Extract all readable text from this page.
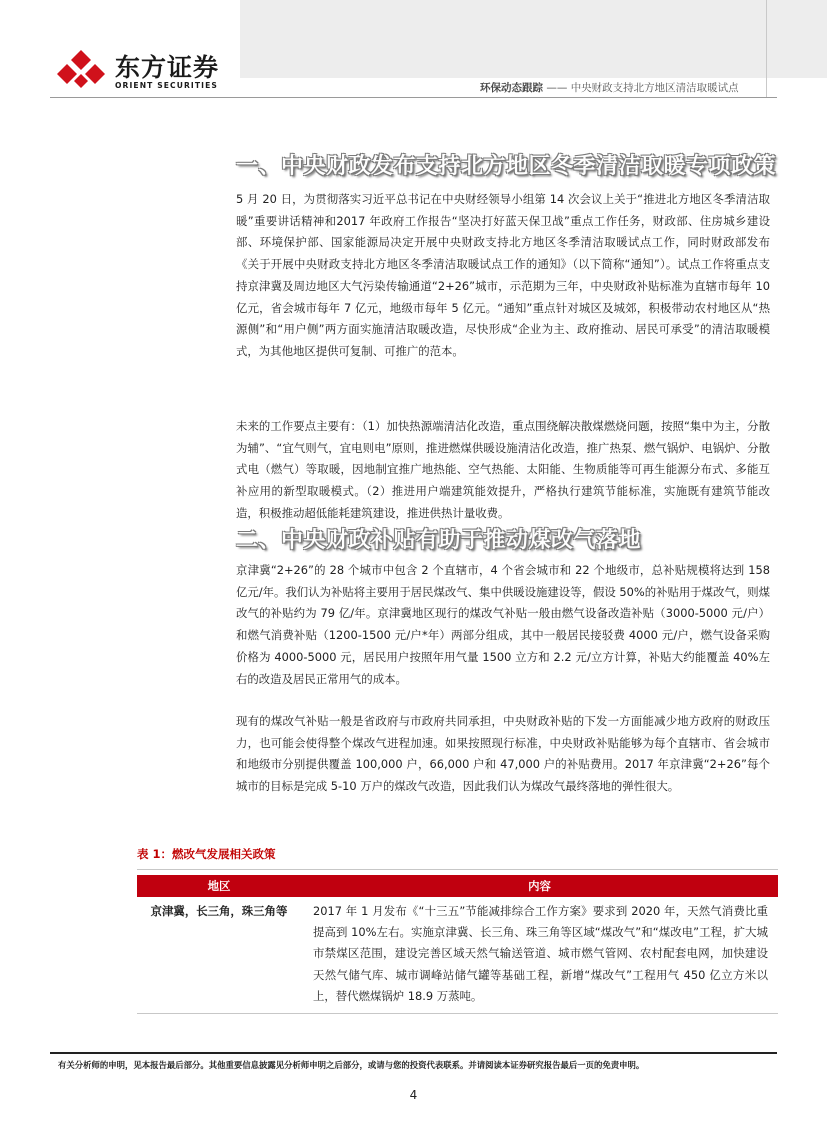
东方证券
ORIENT SECURITIES	环保动态跟踪 —— 中央财政支持北方地区清洁取暖试点
一、中央财政发布支持北方地区冬季清洁取暖专项政策
5 月 20 日，为贯彻落实习近平总书记在中央财经领导小组第 14 次会议上关于“推进北方地区冬季清洁取暖”重要讲话精神和2017 年政府工作报告“坚决打好蓝天保卫战”重点工作任务，财政部、住房城乡建设部、环境保护部、国家能源局决定开展中央财政支持北方地区冬季清洁取暖试点工作，同时财政部发布《关于开展中央财政支持北方地区冬季清洁取暖试点工作的通知》（以下简称“通知”）。试点工作将重点支持京津冀及周边地区大气污染传输通道“2+26”城市，示范期为三年，中央财政补贴标准为直辖市每年 10 亿元，省会城市每年 7 亿元，地级市每年 5 亿元。“通知”重点针对城区及城郊，积极带动农村地区从“热源侧”和“用户侧”两方面实施清洁取暖改造，尽快形成“企业为主、政府推动、居民可承受”的清洁取暖模式，为其他地区提供可复制、可推广的范本。
未来的工作要点主要有：（1）加快热源端清洁化改造，重点围绕解决散煤燃烧问题，按照“集中为主，分散为辅”、“宜气则气，宜电则电”原则，推进燃煤供暖设施清洁化改造，推广热泵、燃气锅炉、电锅炉、分散式电（燃气）等取暖，因地制宜推广地热能、空气热能、太阳能、生物质能等可再生能源分布式、多能互补应用的新型取暖模式。（2）推进用户端建筑能效提升，严格执行建筑节能标准，实施既有建筑节能改造，积极推动超低能耗建筑建设，推进供热计量收费。
二、中央财政补贴有助于推动煤改气落地
京津冀“2+26”的 28 个城市中包含 2 个直辖市，4 个省会城市和 22 个地级市，总补贴规模将达到 158 亿元/年。我们认为补贴将主要用于居民煤改气、集中供暖设施建设等，假设 50%的补贴用于煤改气，则煤改气的补贴约为 79 亿/年。京津冀地区现行的煤改气补贴一般由燃气设备改造补贴（3000-5000 元/户）和燃气消费补贴（1200-1500 元/户*年）两部分组成，其中一般居民接驳费 4000 元/户，燃气设备采购价格为 4000-5000 元，居民用户按照年用气量 1500 立方和 2.2 元/立方计算，补贴大约能覆盖 40%左右的改造及居民正常用气的成本。
现有的煤改气补贴一般是省政府与市政府共同承担，中央财政补贴的下发一方面能减少地方政府的财政压力，也可能会使得整个煤改气进程加速。如果按照现行标准，中央财政补贴能够为每个直辖市、省会城市和地级市分别提供覆盖 100,000 户，66,000 户和 47,000 户的补贴费用。2017 年京津冀“2+26”每个城市的目标是完成 5-10 万户的煤改气改造，因此我们认为煤改气最终落地的弹性很大。
表 1：燃改气发展相关政策
地区	内容
京津冀，长三角，珠三角等	2017 年 1 月发布《“十三五”节能减排综合工作方案》要求到 2020 年，天然气消费比重提高到 10%左右。实施京津冀、长三角、珠三角等区域“煤改气”和“煤改电”工程，扩大城市禁煤区范围，建设完善区域天然气输送管道、城市燃气管网、农村配套电网，加快建设天然气储气库、城市调峰站储气罐等基础工程，新增“煤改气”工程用气 450 亿立方米以上，替代燃煤锅炉 18.9 万蒸吨。
有关分析师的申明，见本报告最后部分。其他重要信息披露见分析师申明之后部分，或请与您的投资代表联系。并请阅读本证券研究报告最后一页的免责申明。
4
